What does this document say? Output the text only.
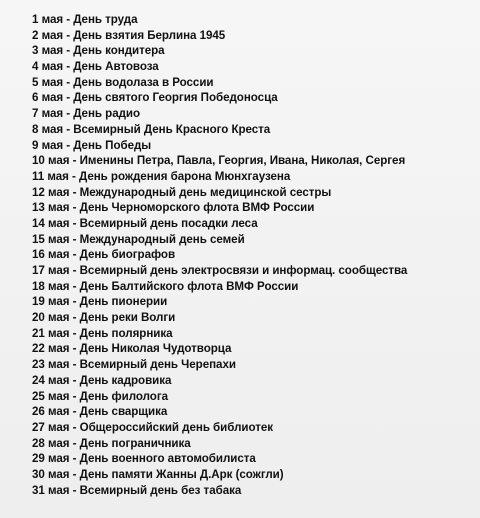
1 мая - День труда
2 мая - День взятия Берлина 1945
3 мая - День кондитера
4 мая - День Автовоза
5 мая - День водолаза в России
6 мая - День святого Георгия Победоносца
7 мая - День радио
8 мая - Всемирный День Красного Креста
9 мая - День Победы
10 мая - Именины Петра, Павла, Георгия, Ивана, Николая, Сергея
11 мая - День рождения барона Мюнхгаузена
12 мая - Международный день медицинской сестры
13 мая - День Черноморского флота ВМФ России
14 мая - Всемирный день посадки леса
15 мая - Международный день семей
16 мая - День биографов
17 мая - Всемирный день электросвязи и информац. сообщества
18 мая - День Балтийского флота ВМФ России
19 мая - День пионерии
20 мая - День реки Волги
21 мая - День полярника
22 мая - День Николая Чудотворца
23 мая - Всемирный день Черепахи
24 мая - День кадровика
25 мая - День филолога
26 мая - День сварщика
27 мая - Общероссийский день библиотек
28 мая - День пограничника
29 мая - День военного автомобилиста
30 мая - День памяти Жанны Д.Арк (сожгли)
31 мая - Всемирный день без табака
